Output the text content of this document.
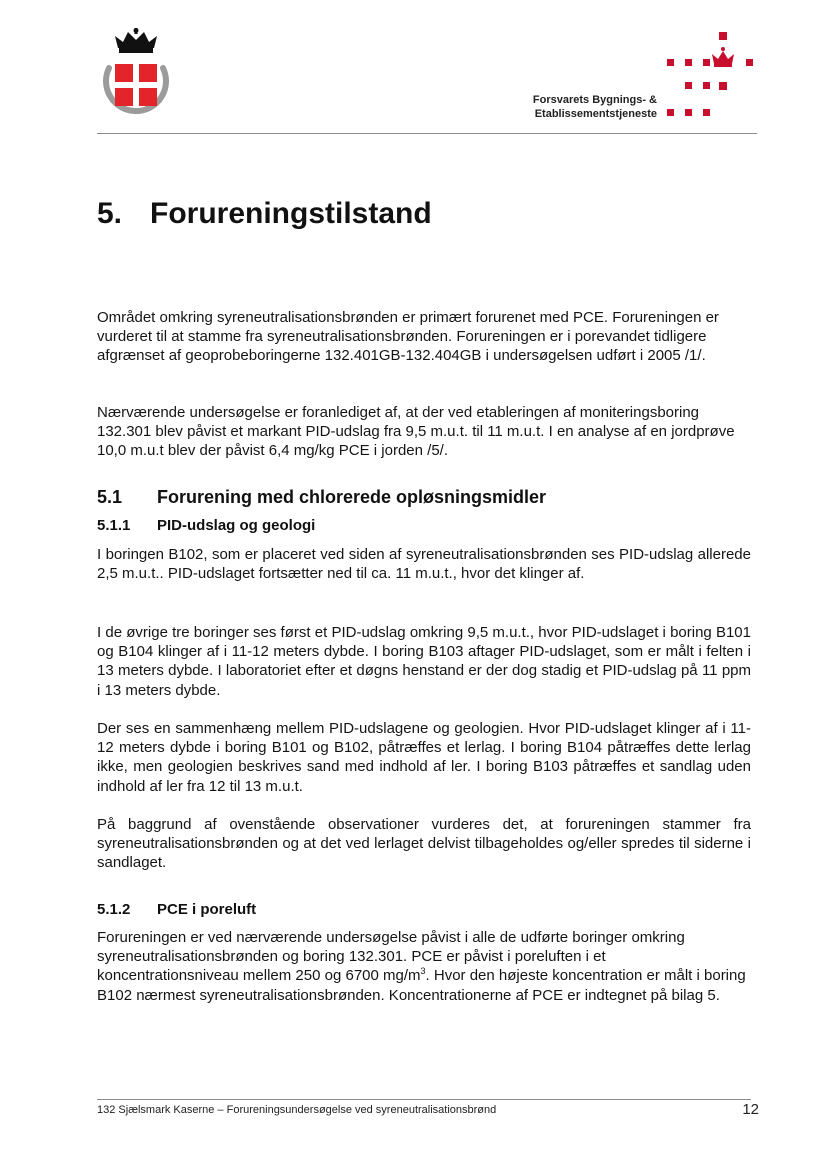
Forsvarets Bygnings- &
Etablissementstjeneste
5. Forureningstilstand
Området omkring syreneutralisationsbrønden er primært forurenet med PCE. Forureningen er vurderet til at stamme fra syreneutralisationsbrønden. Forureningen er i porevandet tidligere afgrænset af geoprobeboringerne 132.401GB-132.404GB i undersøgelsen udført i 2005 /1/.
Nærværende undersøgelse er foranlediget af, at der ved etableringen af moniteringsboring 132.301 blev påvist et markant PID-udslag fra 9,5 m.u.t. til 11 m.u.t. I en analyse af en jordprøve 10,0 m.u.t blev der påvist 6,4 mg/kg PCE i jorden /5/.
5.1 Forurening med chlorerede opløsningsmidler
5.1.1 PID-udslag og geologi
I boringen B102, som er placeret ved siden af syreneutralisationsbrønden ses PID-udslag allerede 2,5 m.u.t.. PID-udslaget fortsætter ned til ca. 11 m.u.t., hvor det klinger af.
I de øvrige tre boringer ses først et PID-udslag omkring 9,5 m.u.t., hvor PID-udslaget i boring B101 og B104 klinger af i 11-12 meters dybde. I boring B103 aftager PID-udslaget, som er målt i felten i 13 meters dybde. I laboratoriet efter et døgns henstand er der dog stadig et PID-udslag på 11 ppm i 13 meters dybde.
Der ses en sammenhæng mellem PID-udslagene og geologien. Hvor PID-udslaget klinger af i 11-12 meters dybde i boring B101 og B102, påtræffes et lerlag. I boring B104 påtræffes dette lerlag ikke, men geologien beskrives sand med indhold af ler. I boring B103 påtræffes et sandlag uden indhold af ler fra 12 til 13 m.u.t.
På baggrund af ovenstående observationer vurderes det, at forureningen stammer fra syreneutralisationsbrønden og at det ved lerlaget delvist tilbageholdes og/eller spredes til siderne i sandlaget.
5.1.2 PCE i poreluft
Forureningen er ved nærværende undersøgelse påvist i alle de udførte boringer omkring syreneutralisationsbrønden og boring 132.301. PCE er påvist i poreluften i et koncentrationsniveau mellem 250 og 6700 $mg/m^3$. Hvor den højeste koncentration er målt i boring B102 nærmest syreneutralisationsbrønden. Koncentrationerne af PCE er indtegnet på bilag 5.
132 Sjælsmark Kaserne – Forureningsundersøgelse ved syreneutralisationsbrønd	12
